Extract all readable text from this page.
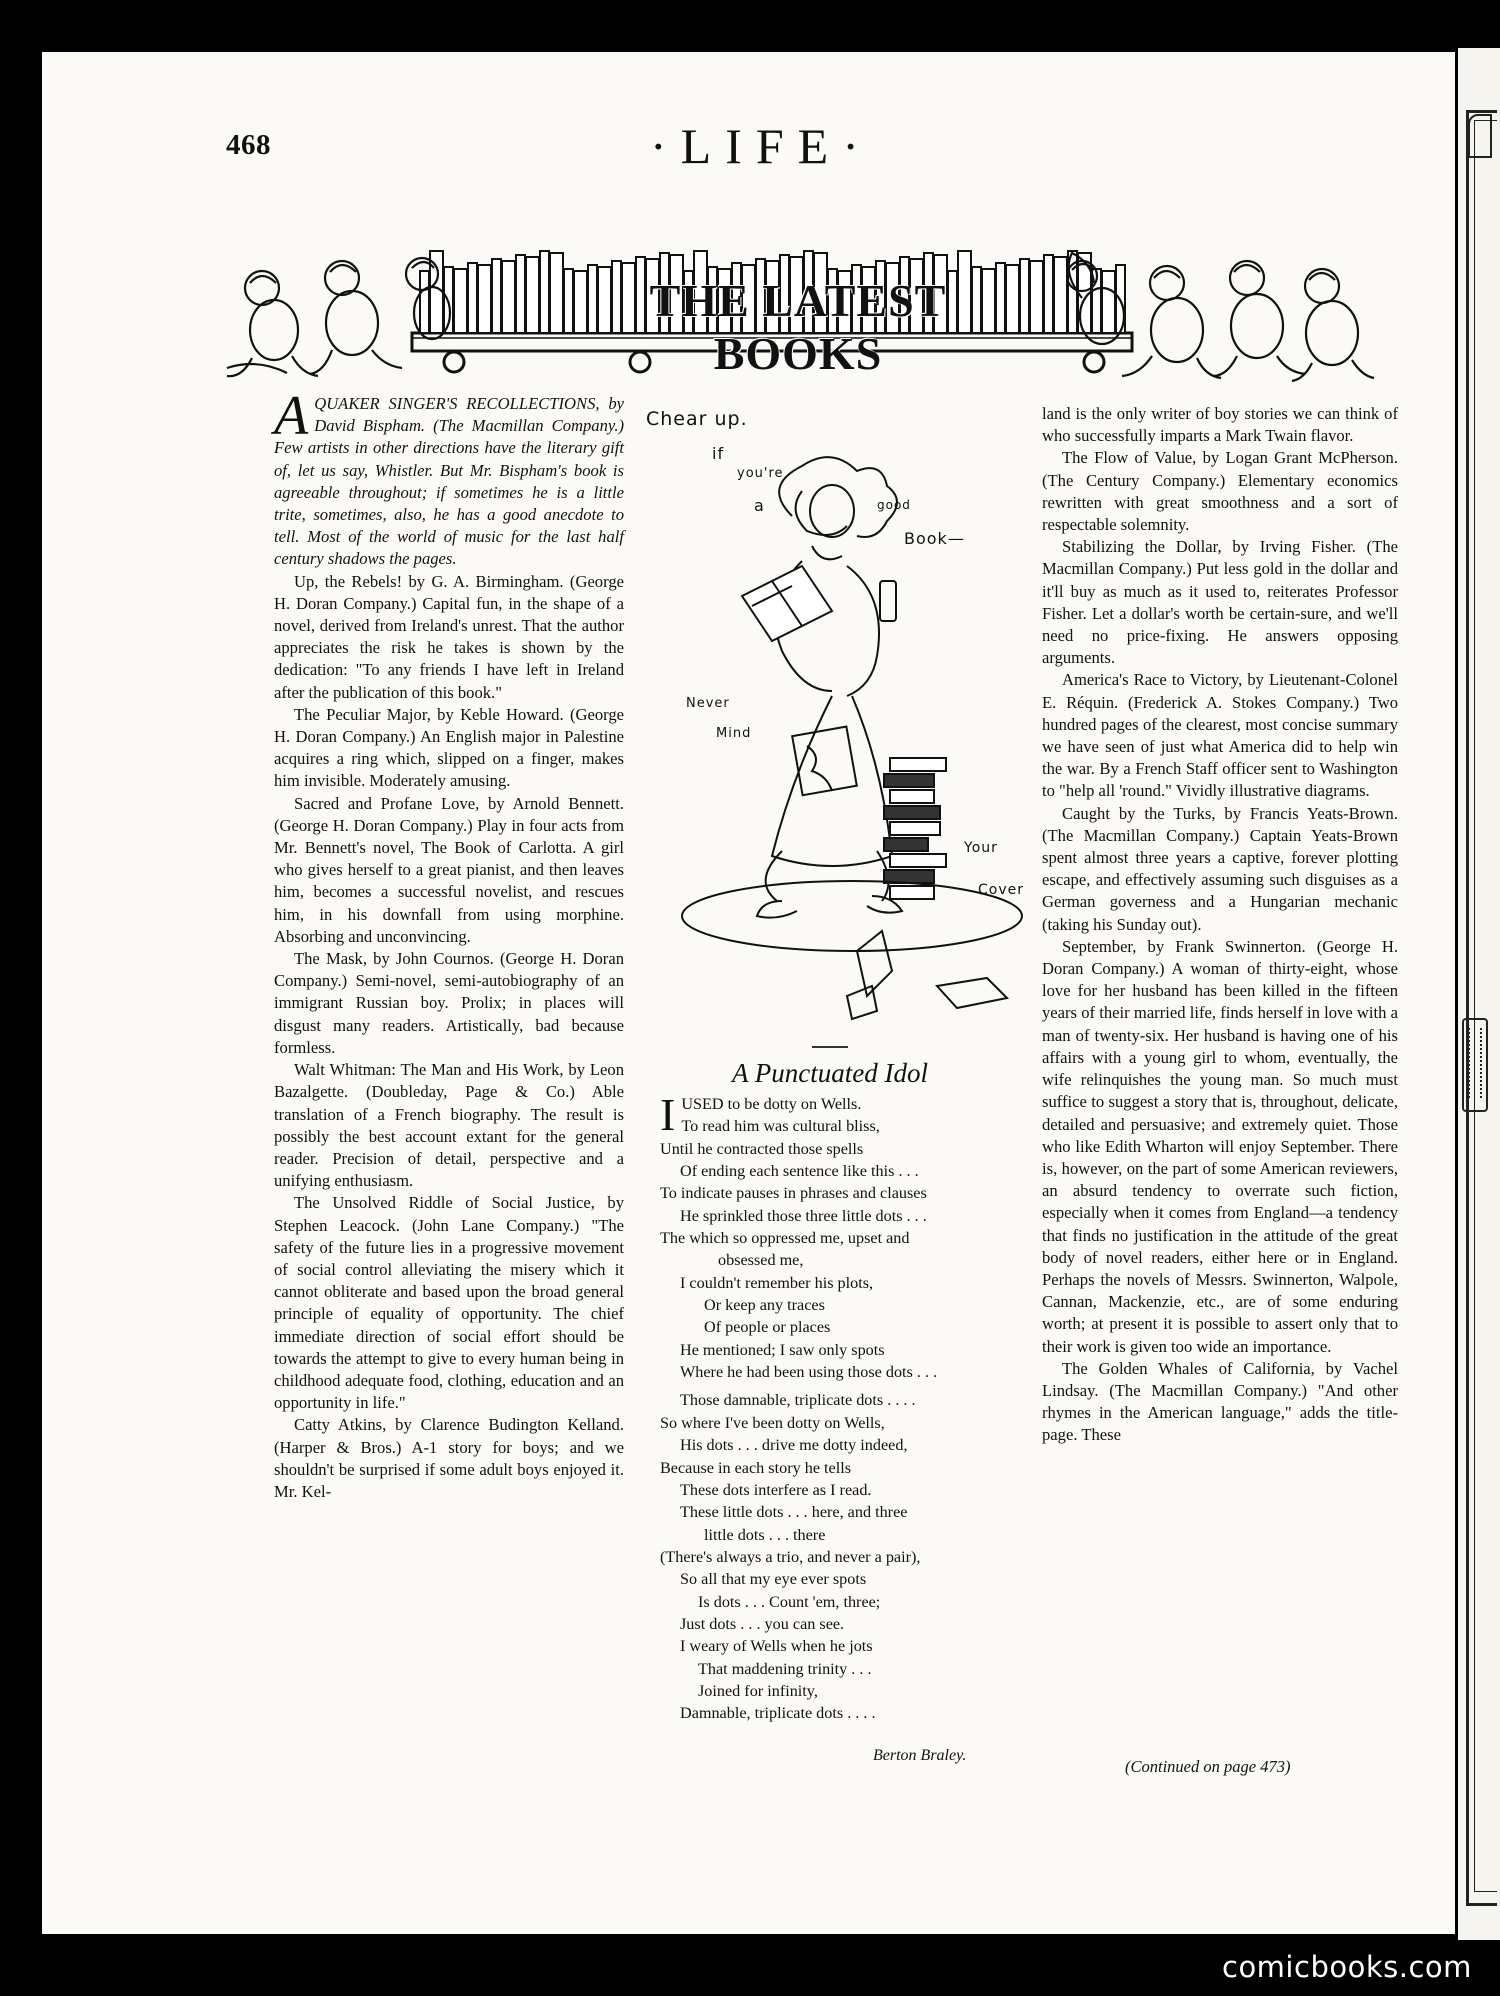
468	·LIFE·
THE LATEST BOOKS

AQUAKER SINGER'S RECOLLECTIONS, by David Bispham. (The Macmillan Company.) Few artists in other directions have the literary gift of, let us say, Whistler. But Mr. Bispham's book is agreeable throughout; if sometimes he is a little trite, sometimes, also, he has a good anecdote to tell. Most of the world of music for the last half century shadows the pages.

Up, the Rebels! by G. A. Birmingham. (George H. Doran Company.) Capital fun, in the shape of a novel, derived from Ireland's unrest. That the author appreciates the risk he takes is shown by the dedication: "To any friends I have left in Ireland after the publication of this book."

The Peculiar Major, by Keble Howard. (George H. Doran Company.) An English major in Palestine acquires a ring which, slipped on a finger, makes him invisible. Moderately amusing.

Sacred and Profane Love, by Arnold Bennett. (George H. Doran Company.) Play in four acts from Mr. Bennett's novel, The Book of Carlotta. A girl who gives herself to a great pianist, and then leaves him, becomes a successful novelist, and rescues him, in his downfall from using morphine. Absorbing and unconvincing.

The Mask, by John Cournos. (George H. Doran Company.) Semi-novel, semi-autobiography of an immigrant Russian boy. Prolix; in places will disgust many readers. Artistically, bad because formless.

Walt Whitman: The Man and His Work, by Leon Bazalgette. (Doubleday, Page & Co.) Able translation of a French biography. The result is possibly the best account extant for the general reader. Precision of detail, perspective and a unifying enthusiasm.

The Unsolved Riddle of Social Justice, by Stephen Leacock. (John Lane Company.) "The safety of the future lies in a progressive movement of social control alleviating the misery which it cannot obliterate and based upon the broad general principle of equality of opportunity. The chief immediate direction of social effort should be towards the attempt to give to every human being in childhood adequate food, clothing, education and an opportunity in life."

Catty Atkins, by Clarence Budington Kelland. (Harper & Bros.) A-1 story for boys; and we shouldn't be surprised if some adult boys enjoyed it. Mr. Kel-

Chear up.
if
you're
a	good
Book—
Never
Mind
Your
Cover
A Punctuated Idol
IUSED to be dotty on Wells.
To read him was cultural bliss,
Until he contracted those spells
Of ending each sentence like this . . .
To indicate pauses in phrases and clauses
He sprinkled those three little dots . . .
The which so oppressed me, upset and
obsessed me,
I couldn't remember his plots,
Or keep any traces
Of people or places
He mentioned; I saw only spots
Where he had been using those dots . . .
Those damnable, triplicate dots . . . .
So where I've been dotty on Wells,
His dots . . . drive me dotty indeed,
Because in each story he tells
These dots interfere as I read.
These little dots . . . here, and three
little dots . . . there
(There's always a trio, and never a pair),
So all that my eye ever spots
Is dots . . . Count 'em, three;
Just dots . . . you can see.
I weary of Wells when he jots
That maddening trinity . . .
Joined for infinity,
Damnable, triplicate dots . . . .
Berton Braley.

land is the only writer of boy stories we can think of who successfully imparts a Mark Twain flavor.

The Flow of Value, by Logan Grant McPherson. (The Century Company.) Elementary economics rewritten with great smoothness and a sort of respectable solemnity.

Stabilizing the Dollar, by Irving Fisher. (The Macmillan Company.) Put less gold in the dollar and it'll buy as much as it used to, reiterates Professor Fisher. Let a dollar's worth be certain-sure, and we'll need no price-fixing. He answers opposing arguments.

America's Race to Victory, by Lieutenant-Colonel E. Réquin. (Frederick A. Stokes Company.) Two hundred pages of the clearest, most concise summary we have seen of just what America did to help win the war. By a French Staff officer sent to Washington to "help all 'round." Vividly illustrative diagrams.

Caught by the Turks, by Francis Yeats-Brown. (The Macmillan Company.) Captain Yeats-Brown spent almost three years a captive, forever plotting escape, and effectively assuming such disguises as a German governess and a Hungarian mechanic (taking his Sunday out).

September, by Frank Swinnerton. (George H. Doran Company.) A woman of thirty-eight, whose love for her husband has been killed in the fifteen years of their married life, finds herself in love with a man of twenty-six. Her husband is having one of his affairs with a young girl to whom, eventually, the wife relinquishes the young man. So much must suffice to suggest a story that is, throughout, delicate, detailed and persuasive; and extremely quiet. Those who like Edith Wharton will enjoy September. There is, however, on the part of some American reviewers, an absurd tendency to overrate such fiction, especially when it comes from England—a tendency that finds no justification in the attitude of the great body of novel readers, either here or in England. Perhaps the novels of Messrs. Swinnerton, Walpole, Cannan, Mackenzie, etc., are of some enduring worth; at present it is possible to assert only that to their work is given too wide an importance.

The Golden Whales of California, by Vachel Lindsay. (The Macmillan Company.) "And other rhymes in the American language," adds the title-page. These

(Continued on page 473)
comicbooks.com
